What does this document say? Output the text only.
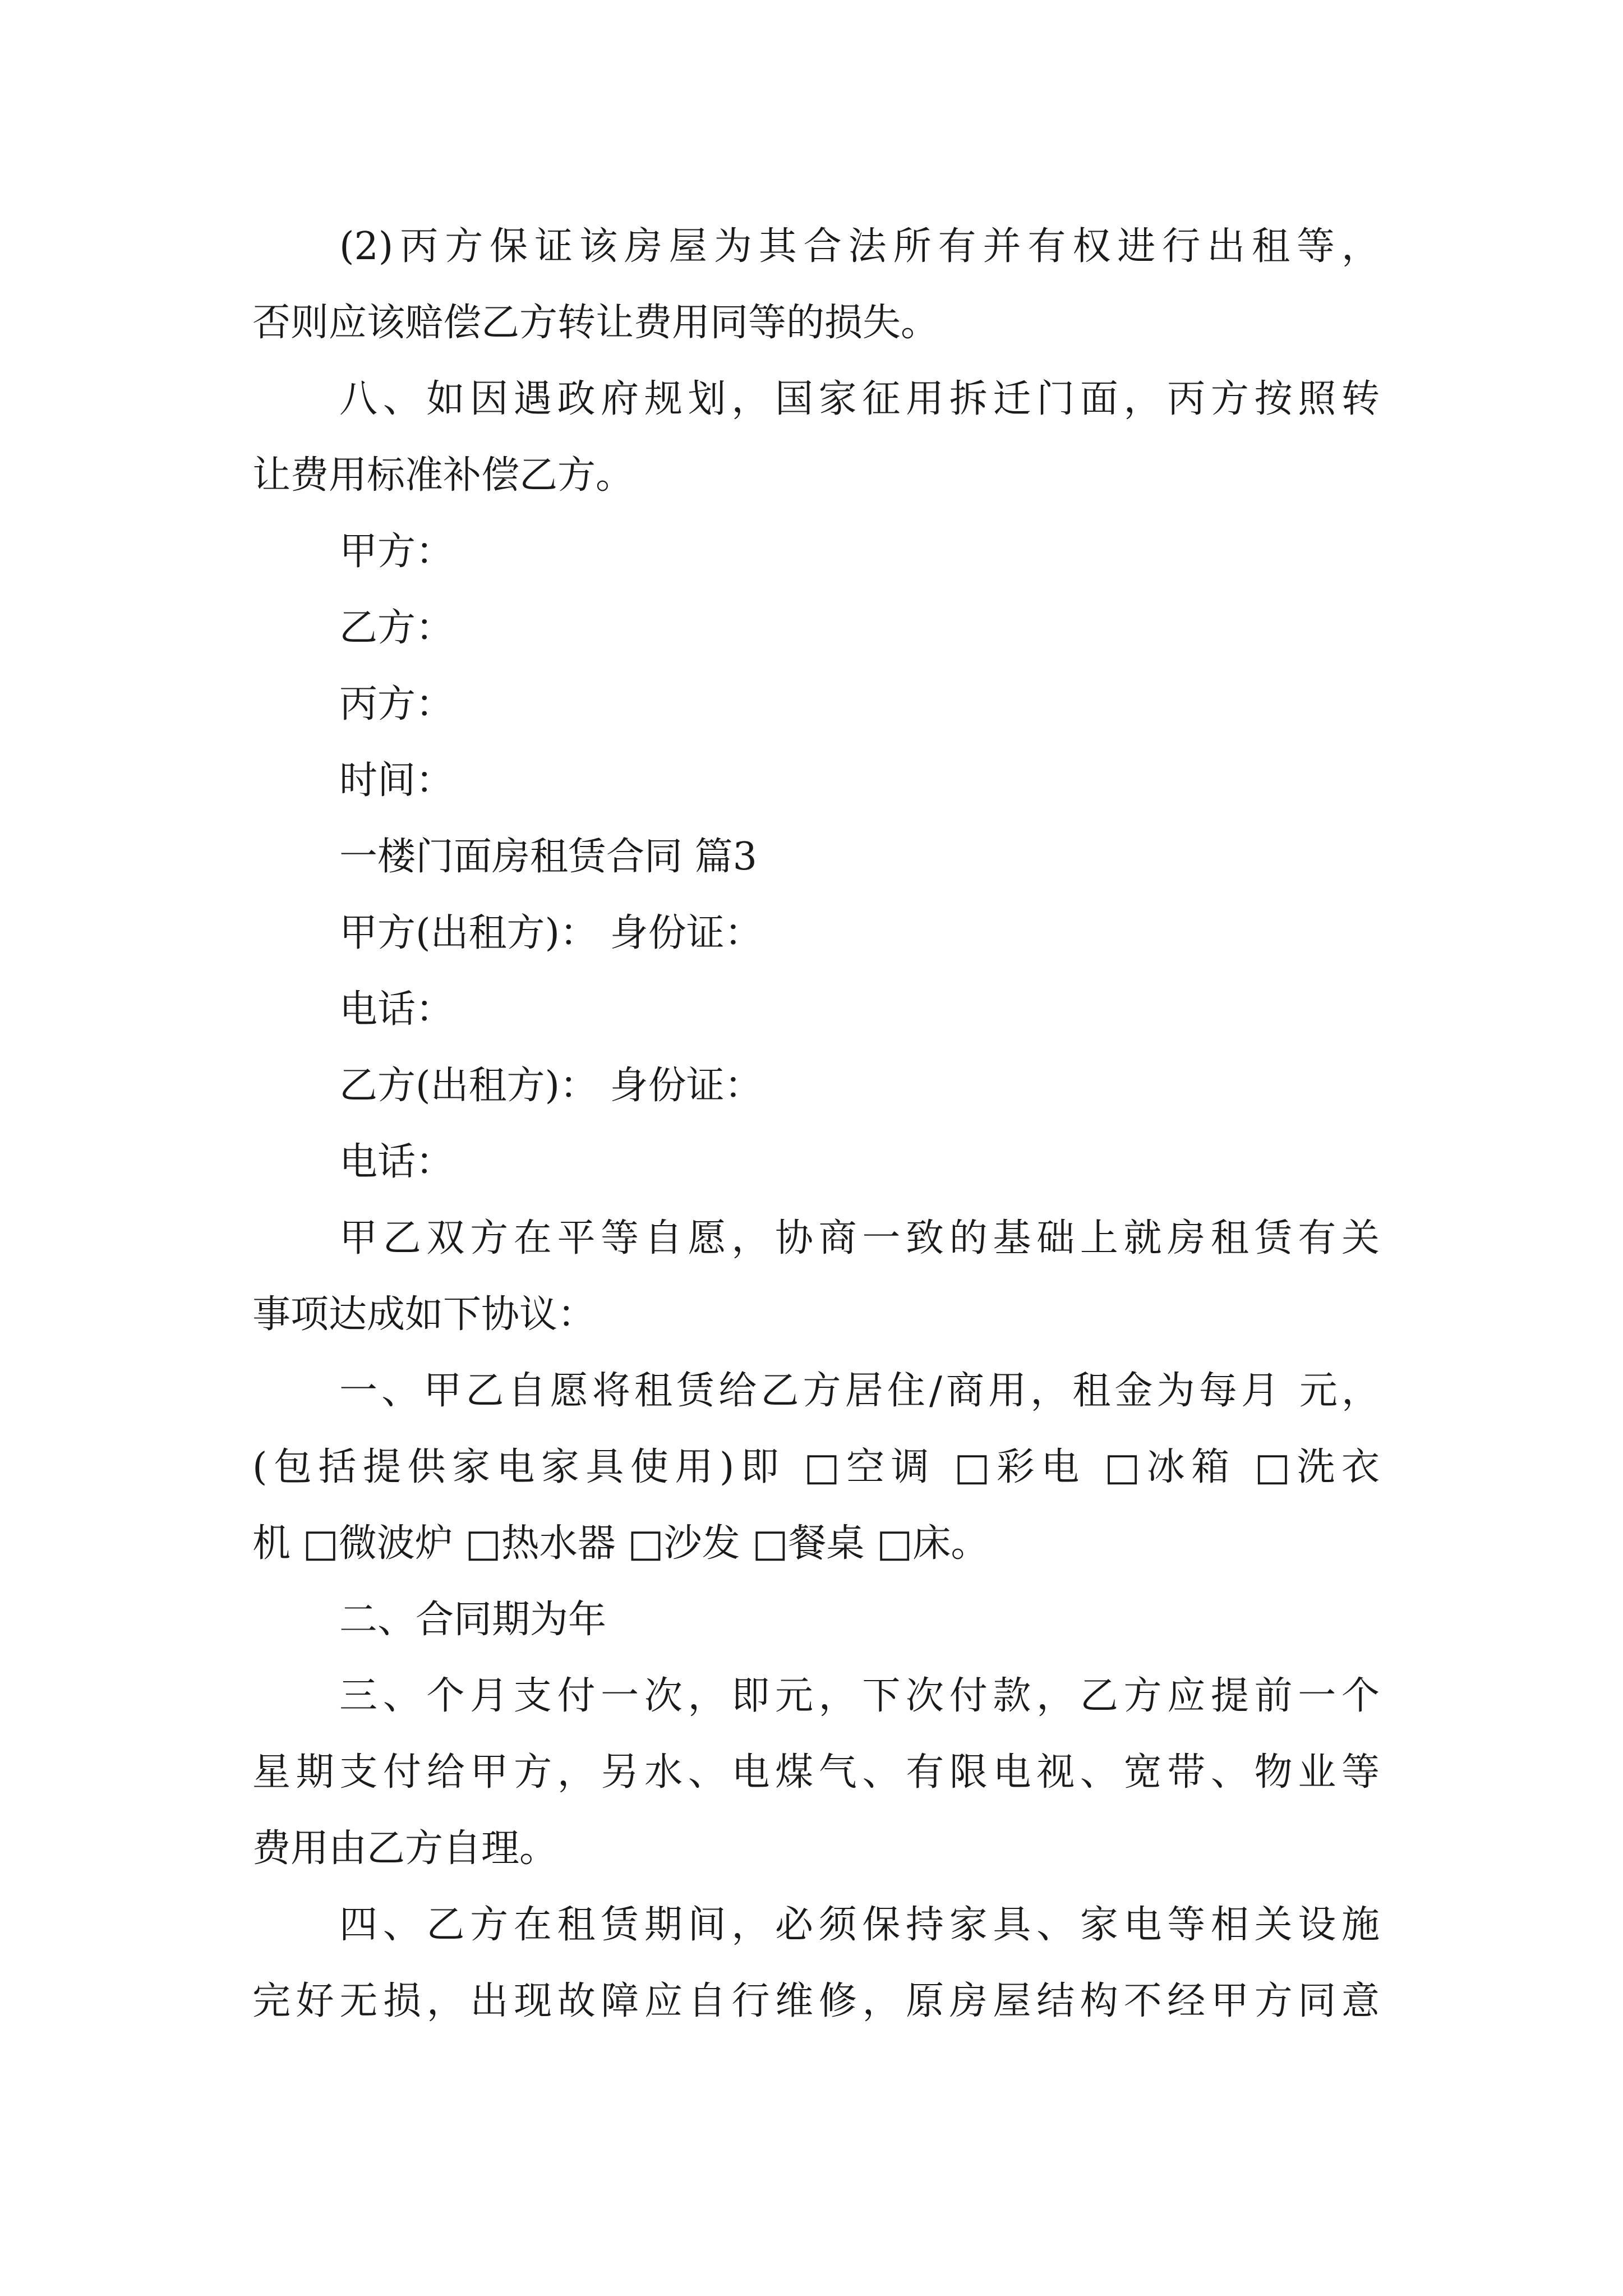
(2)丙方保证该房屋为其合法所有并有权进行出租等，
否则应该赔偿乙方转让费用同等的损失。
八、如因遇政府规划，国家征用拆迁门面，丙方按照转
让费用标准补偿乙方。
甲方：
乙方：
丙方：
时间：
一楼门面房租赁合同 篇3
甲方(出租方)： 身份证：
电话：
乙方(出租方)： 身份证：
电话：
甲乙双方在平等自愿，协商一致的基础上就房租赁有关
事项达成如下协议：
一、甲乙自愿将租赁给乙方居住/商用，租金为每月 元，
(包括提供家电家具使用)即 □空调 □彩电 □冰箱 □洗衣
机 □微波炉 □热水器 □沙发 □餐桌 □床。
二、合同期为年
三、个月支付一次，即元，下次付款，乙方应提前一个
星期支付给甲方，另水、电煤气、有限电视、宽带、物业等
费用由乙方自理。
四、乙方在租赁期间，必须保持家具、家电等相关设施
完好无损，出现故障应自行维修，原房屋结构不经甲方同意
